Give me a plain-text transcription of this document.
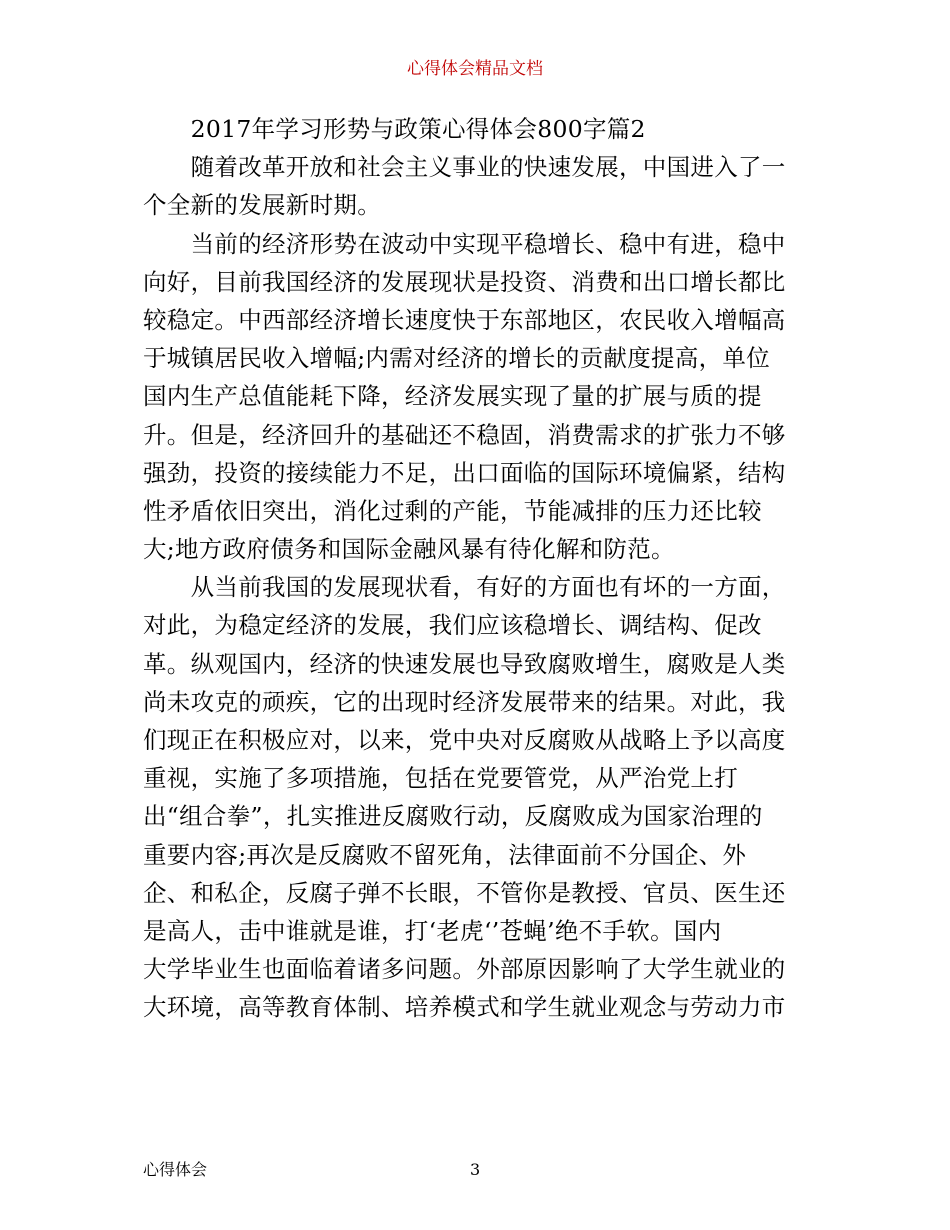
心得体会精品文档
　　2017年学习形势与政策心得体会800字篇2
　　随着改革开放和社会主义事业的快速发展，中国进入了一
个全新的发展新时期。
　　当前的经济形势在波动中实现平稳增长、稳中有进，稳中
向好，目前我国经济的发展现状是投资、消费和出口增长都比
较稳定。中西部经济增长速度快于东部地区，农民收入增幅高
于城镇居民收入增幅;内需对经济的增长的贡献度提高，单位
国内生产总值能耗下降，经济发展实现了量的扩展与质的提
升。但是，经济回升的基础还不稳固，消费需求的扩张力不够
强劲，投资的接续能力不足，出口面临的国际环境偏紧，结构
性矛盾依旧突出，消化过剩的产能，节能减排的压力还比较
大;地方政府债务和国际金融风暴有待化解和防范。
　　从当前我国的发展现状看，有好的方面也有坏的一方面，
对此，为稳定经济的发展，我们应该稳增长、调结构、促改
革。纵观国内，经济的快速发展也导致腐败增生，腐败是人类
尚未攻克的顽疾，它的出现时经济发展带来的结果。对此，我
们现正在积极应对，以来，党中央对反腐败从战略上予以高度
重视，实施了多项措施，包括在党要管党，从严治党上打
出“组合拳”，扎实推进反腐败行动，反腐败成为国家治理的
重要内容;再次是反腐败不留死角，法律面前不分国企、外
企、和私企，反腐子弹不长眼，不管你是教授、官员、医生还
是高人，击中谁就是谁，打‘老虎‘’苍蝇’绝不手软。国内
大学毕业生也面临着诸多问题。外部原因影响了大学生就业的
大环境，高等教育体制、培养模式和学生就业观念与劳动力市
心得体会	3
